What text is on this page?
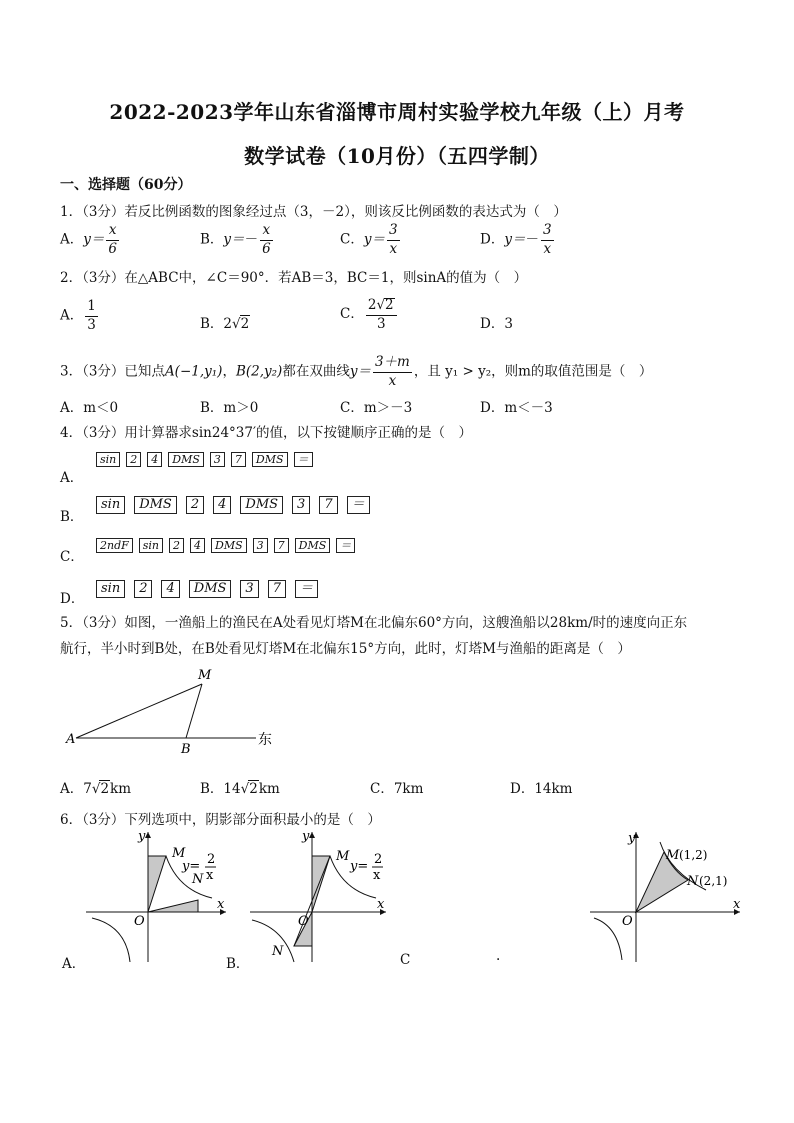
2022-2023学年山东省淄博市周村实验学校九年级（上）月考
数学试卷（10月份）（五四学制）
一、选择题（60分）
1．（3分）若反比例函数的图象经过点（3，－2），则该反比例函数的表达式为（　）
A．$y= \frac{x}{6}$	B．$y=- \frac{x}{6}$	C．$y= \frac{3}{x}$	D．$y=- \frac{3}{x}$
2．（3分）在△ABC中，∠C＝90°．若AB＝3，BC＝1，则sinA的值为（　）
A． $\frac{1}{3}$	B．2√2
C． $\frac{2√2}{3}$	D．3
3．（3分）已知点A(−1,y₁)，B(2,y₂)都在双曲线$y= \frac{3+m}{x}$ ，且 y₁ > y₂，则m的取值范围是（　）
A．m＜0	B．m＞0	C．m＞－3	D．m＜－3
4．（3分）用计算器求sin24°37′的值，以下按键顺序正确的是（　）
sin 2 4 DMS 3 7 DMS ＝
A．
sin DMS 2 4 DMS 3 7 ＝
B．
2ndF sin 2 4 DMS 3 7 DMS ＝
C．
sin 2 4 DMS 3 7 ＝
D．
5．（3分）如图，一渔船上的渔民在A处看见灯塔M在北偏东60°方向，这艘渔船以28km/时的速度向正东
航行，半小时到B处，在B处看见灯塔M在北偏东15°方向，此时，灯塔M与渔船的距离是（　）
A
B
M
东
A．7√2km	B．14√2km	C．7km	D．14km
6．（3分）下列选项中，阴影部分面积最小的是（　）
y
x
O
M
N
y= 2
x
A．
y
x
O
M
N
y= 2
x
B．	C	.
y
x
O
M (1,2)
N (2,1)
